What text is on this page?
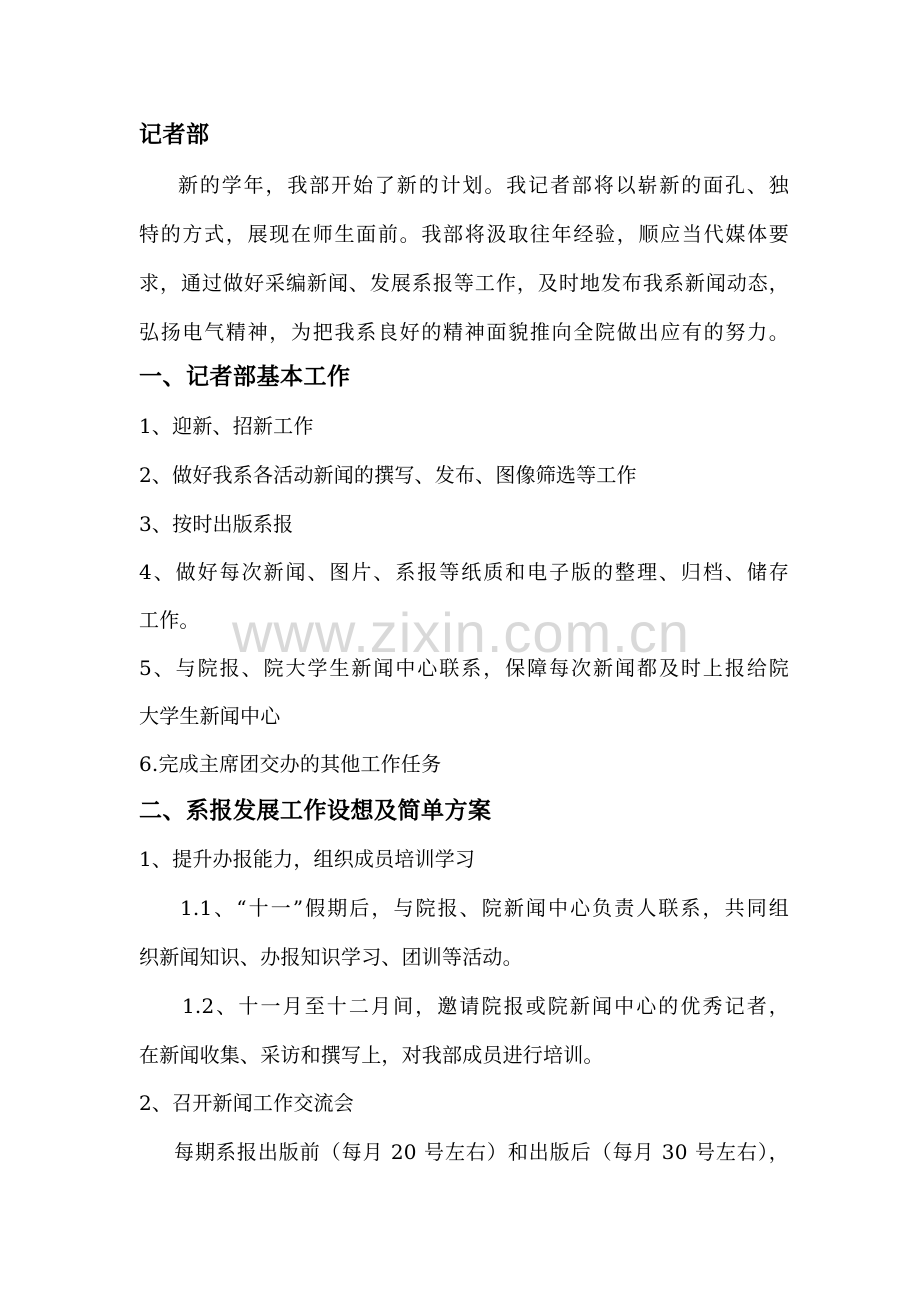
记者部
新的学年，我部开始了新的计划。我记者部将以崭新的面孔、独
特的方式，展现在师生面前。我部将汲取往年经验，顺应当代媒体要
求，通过做好采编新闻、发展系报等工作，及时地发布我系新闻动态，
弘扬电气精神，为把我系良好的精神面貌推向全院做出应有的努力。
一、记者部基本工作
1、迎新、招新工作
2、做好我系各活动新闻的撰写、发布、图像筛选等工作
3、按时出版系报
4、做好每次新闻、图片、系报等纸质和电子版的整理、归档、储存
工作。
5、与院报、院大学生新闻中心联系，保障每次新闻都及时上报给院
大学生新闻中心
6.完成主席团交办的其他工作任务
二、系报发展工作设想及简单方案
1、提升办报能力，组织成员培训学习
1.1、“十一”假期后，与院报、院新闻中心负责人联系，共同组
织新闻知识、办报知识学习、团训等活动。
1.2、十一月至十二月间，邀请院报或院新闻中心的优秀记者，
在新闻收集、采访和撰写上，对我部成员进行培训。
2、召开新闻工作交流会
每期系报出版前（每月 20 号左右）和出版后（每月 30 号左右），
www.zixin.com.cn
